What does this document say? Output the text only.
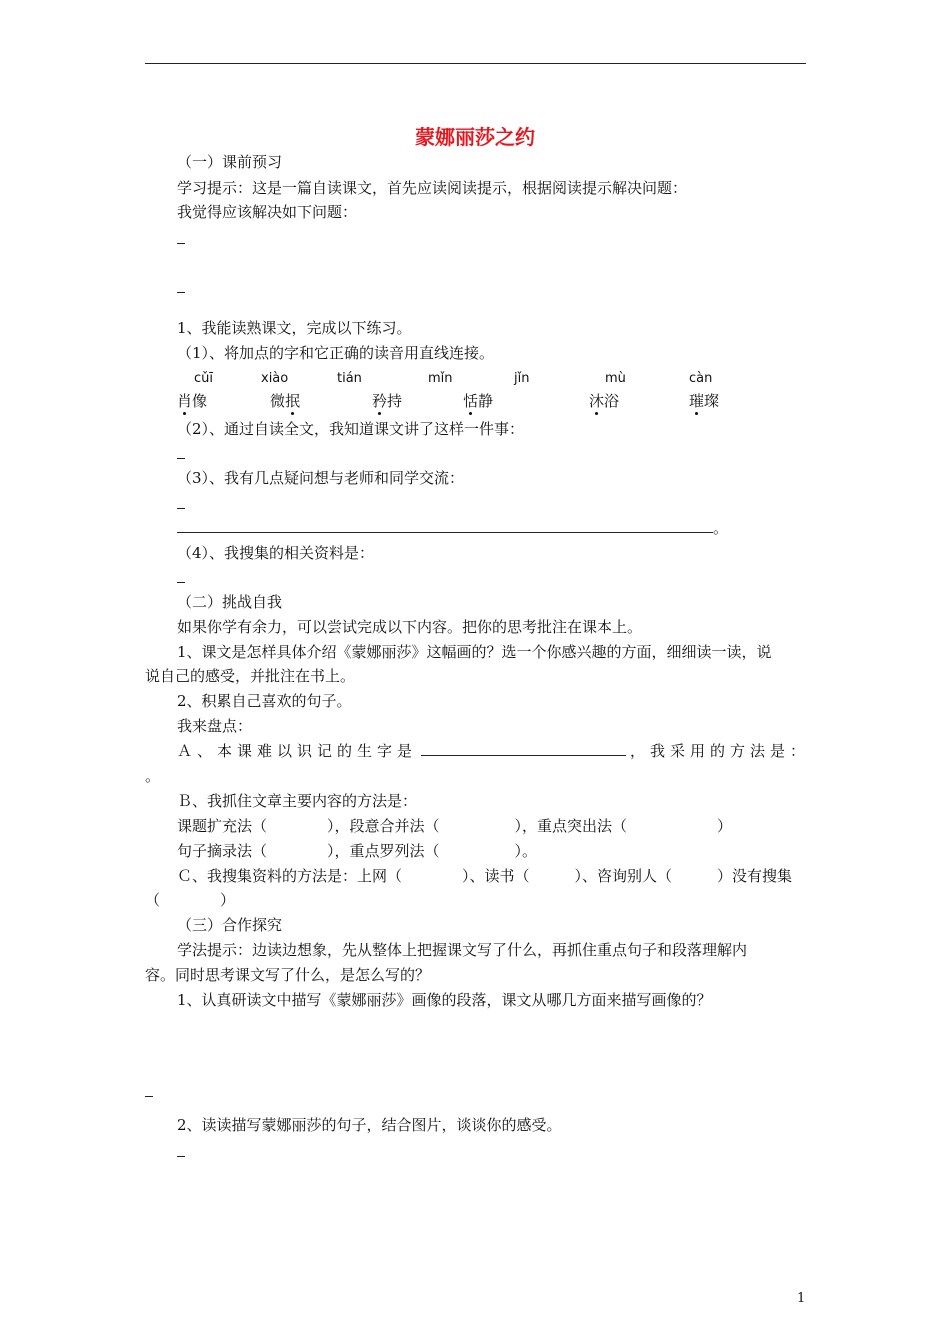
蒙娜丽莎之约
（一）课前预习
学习提示：这是一篇自读课文，首先应读阅读提示，根据阅读提示解决问题：
我觉得应该解决如下问题：
1、我能读熟课文，完成以下练习。
（1）、将加点的字和它正确的读音用直线连接。
cǔī	xiào	tián	mǐn	jǐn	mù	càn
肖像	微抿	矜持	恬静	沐浴	璀璨
（2）、通过自读全文，我知道课文讲了这样一件事：
（3）、我有几点疑问想与老师和同学交流：
。
（4）、我搜集的相关资料是：
（二）挑战自我
如果你学有余力，可以尝试完成以下内容。把你的思考批注在课本上。
1、课文是怎样具体介绍《蒙娜丽莎》这幅画的？选一个你感兴趣的方面，细细读一读，说
说自己的感受，并批注在书上。
2、积累自己喜欢的句子。
我来盘点：
Ａ、本课难以识记的生字是	，我采用的方法是：
。
Ｂ、我抓住文章主要内容的方法是：
课题扩充法（　　　　），段意合并法（　　　　　），重点突出法（　　　　　　）
句子摘录法（　　　　），重点罗列法（　　　　　）。
Ｃ、我搜集资料的方法是：上网（　　　　）、读书（　　　）、咨询别人（　　　）没有搜集
（　　　　）
（三）合作探究
学法提示：边读边想象，先从整体上把握课文写了什么，再抓住重点句子和段落理解内
容。同时思考课文写了什么，是怎么写的？
1、认真研读文中描写《蒙娜丽莎》画像的段落，课文从哪几方面来描写画像的？
2、读读描写蒙娜丽莎的句子，结合图片，谈谈你的感受。
1
